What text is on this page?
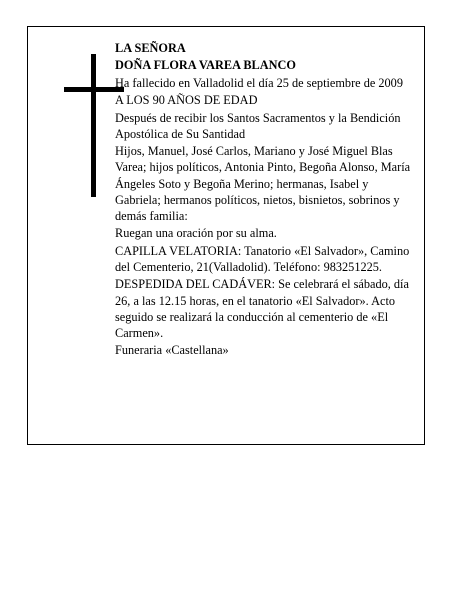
LA SEÑORA

DOÑA FLORA VAREA BLANCO

Ha fallecido en Valladolid el día 25 de septiembre de 2009

A LOS 90 AÑOS DE EDAD

Después de recibir los Santos Sacramentos y la Bendición Apostólica de Su Santidad

Hijos, Manuel, José Carlos, Mariano y José Miguel Blas Varea; hijos políticos, Antonia Pinto, Begoña Alonso, María Ángeles Soto y Begoña Merino; hermanas, Isabel y Gabriela; hermanos políticos, nietos, bisnietos, sobrinos y demás familia:

Ruegan una oración por su alma.

CAPILLA VELATORIA: Tanatorio «El Salvador», Camino del Cementerio, 21(Valladolid). Teléfono: 983251225.

DESPEDIDA DEL CADÁVER: Se celebrará el sábado, día 26, a las 12.15 horas, en el tanatorio «El Salvador». Acto seguido se realizará la conducción al cementerio de «El Carmen».

Funeraria «Castellana»
